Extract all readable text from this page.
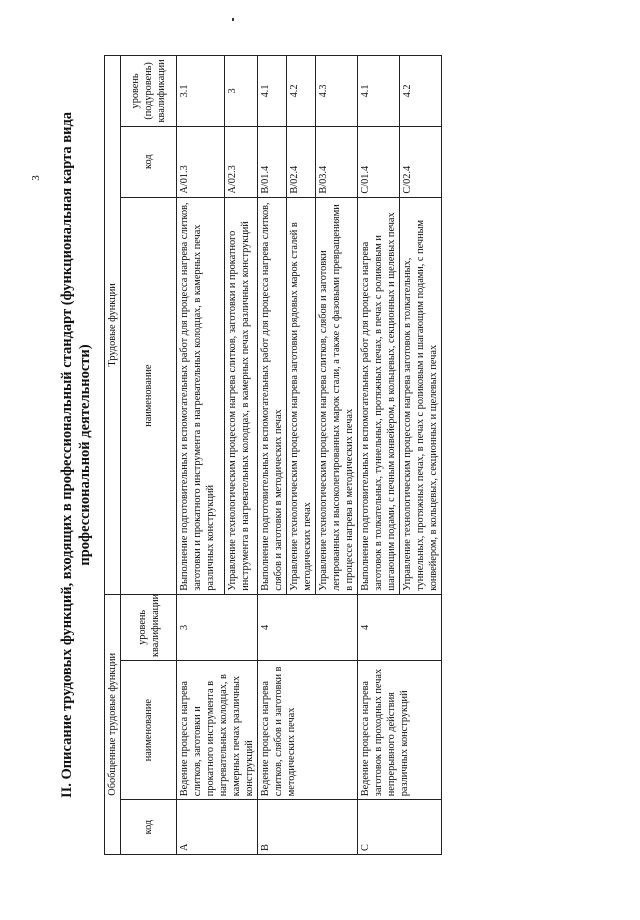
3 II. Описание трудовых функций, входящих в профессиональный стандарт (функциональная карта вида профессиональной деятельности)
Обобщенные трудовые функции			Трудовые функции		
код	наименование	уровень квалификации	наименование	код	уровень (подуровень) квалификации
A	Ведение процесса нагрева слитков, заготовки и прокатного инструмента в нагревательных колодцах, в камерных печах различных конструкций	3	Выполнение подготовительных и вспомогательных работ для процесса нагрева слитков, заготовки и прокатного инструмента в нагревательных колодцах, в камерных печах различных конструкций	A/01.3	3.1
			Управление технологическим процессом нагрева слитков, заготовки и прокатного инструмента в нагревательных колодцах, в камерных печах различных конструкций	A/02.3	3
B	Ведение процесса нагрева слитков, слябов и заготовки в методических печах	4	Выполнение подготовительных и вспомогательных работ для процесса нагрева слитков, слябов и заготовки в методических печах	B/01.4	4.1
			Управление технологическим процессом нагрева заготовки рядовых марок сталей в методических печах	B/02.4	4.2
			Управление технологическим процессом нагрева слитков, слябов и заготовки легированных и высоколегированных марок стали, а также с фазовыми превращениями в процессе нагрева в методических печах	B/03.4	4.3
C	Ведение процесса нагрева заготовок в проходных печах непрерывного действия различных конструкций	4	Выполнение подготовительных и вспомогательных работ для процесса нагрева заготовок в толкательных, туннельных, протяжных печах, в печах с роликовым и шагающим подами, с печным конвейером, в кольцевых, секционных и щелевых печах	C/01.4	4.1
			Управление технологическим процессом нагрева заготовок в толкательных, туннельных, протяжных печах, в печах с роликовым и шагающим подами, с печным конвейером, в кольцевых, секционных и щелевых печах	C/02.4	4.2
